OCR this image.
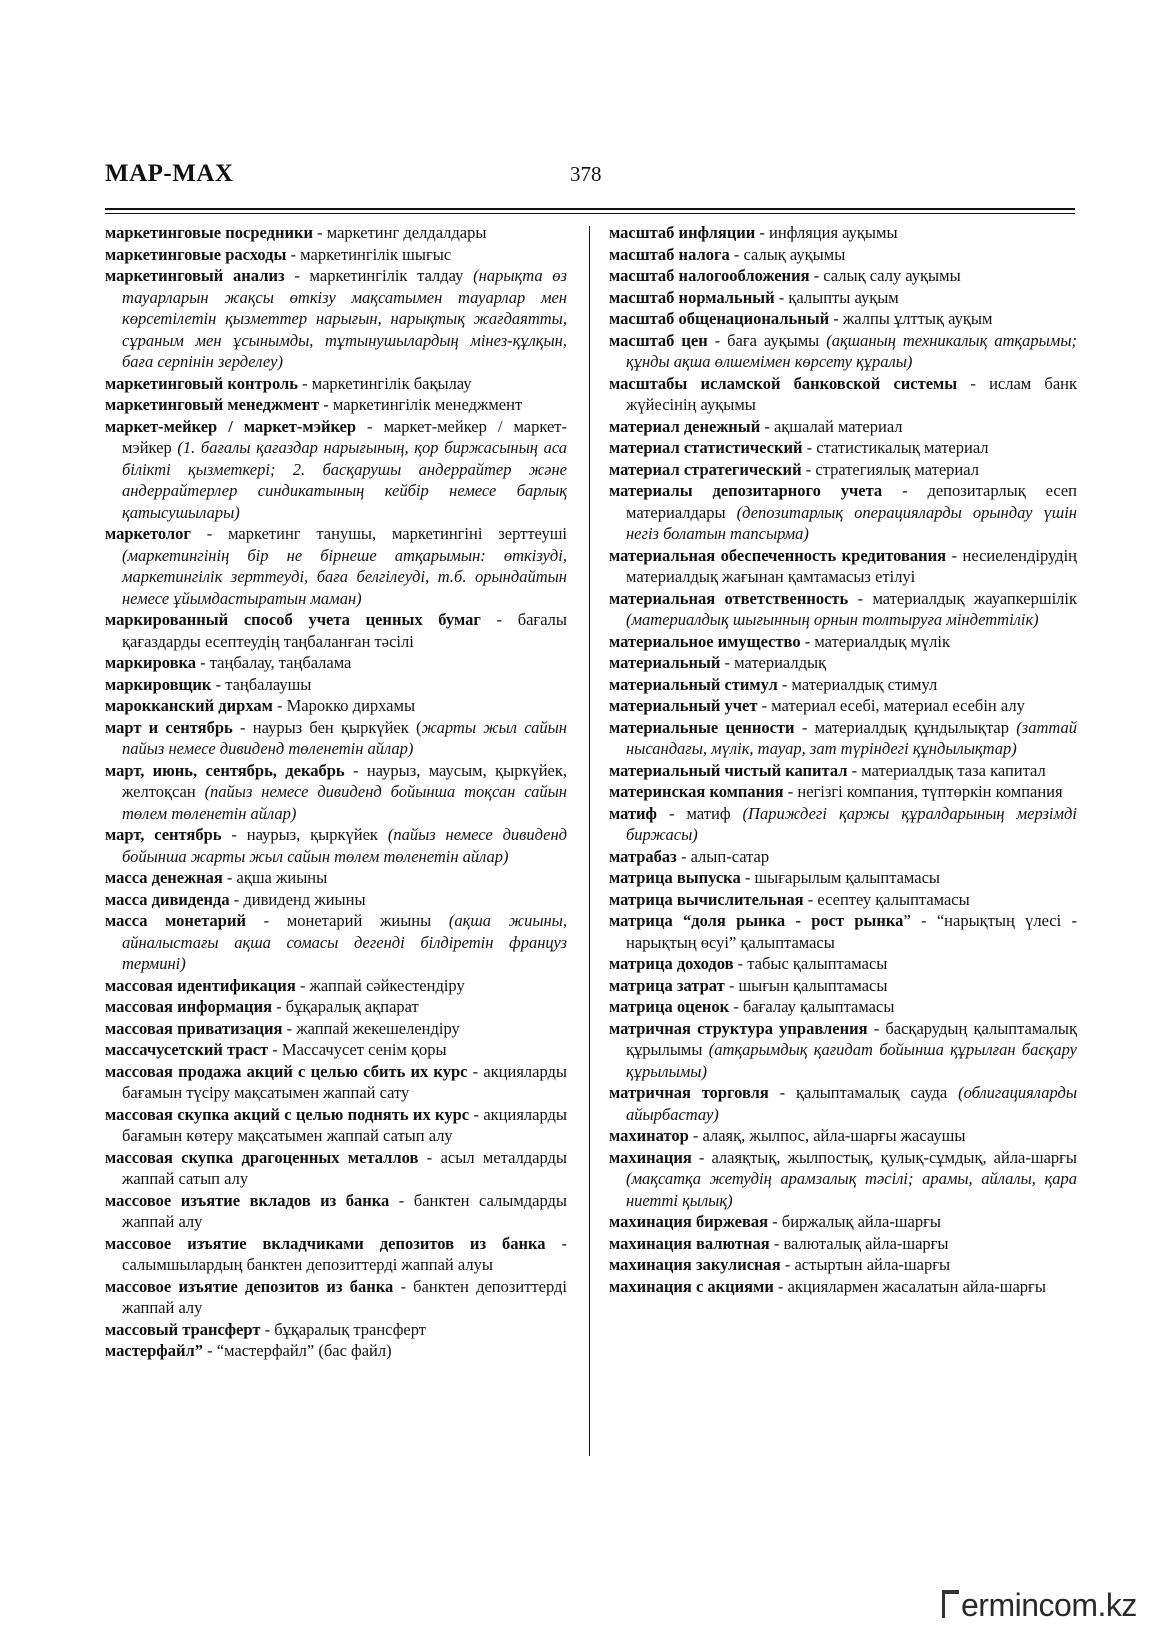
МАР-МАХ	378

маркетинговые посредники - маркетинг делдалдары

маркетинговые расходы - маркетингілік шығыс

маркетинговый анализ - маркетингілік талдау (нарықта өз тауарларын жақсы өткізу мақсатымен тауарлар мен көрсетілетін қызметтер нарығын, нарықтық жағдаятты, сұраным мен ұсынымды, тұтынушылардың мінез-құлқын, баға серпінін зерделеу)

маркетинговый контроль - маркетингілік бақылау

маркетинговый менеджмент - маркетингілік менеджмент

маркет-мейкер / маркет-мэйкер - маркет-мейкер / маркет-мэйкер (1. бағалы қағаздар нарығының, қор биржасының аса білікті қызметкері; 2. басқарушы андеррайтер және андеррайтерлер синдикатының кейбір немесе барлық қатысушылары)

маркетолог - маркетинг танушы, маркетингіні зерттеуші (маркетингінің бір не бірнеше атқарымын: өткізуді, маркетингілік зерттеуді, баға белгілеуді, т.б. орындайтын немесе ұйымдастыратын маман)

маркированный способ учета ценных бумаг - бағалы қағаздарды есептеудің таңбаланған тәсілі

маркировка - таңбалау, таңбалама

маркировщик - таңбалаушы

марокканский дирхам - Марокко дирхамы

март и сентябрь - наурыз бен қыркүйек (жарты жыл сайын пайыз немесе дивиденд төленетін айлар)

март, июнь, сентябрь, декабрь - наурыз, маусым, қыркүйек, желтоқсан (пайыз немесе дивиденд бойынша тоқсан сайын төлем төленетін айлар)

март, сентябрь - наурыз, қыркүйек (пайыз немесе дивиденд бойынша жарты жыл сайын төлем төленетін айлар)

масса денежная - ақша жиыны

масса дивиденда - дивиденд жиыны

масса монетарий - монетарий жиыны (ақша жиыны, айналыстағы ақша сомасы дегенді білдіретін француз термині)

массовая идентификация - жаппай сәйкестендіру

массовая информация - бұқаралық ақпарат

массовая приватизация - жаппай жекешелендіру

массачусетский траст - Массачусет сенім қоры

массовая продажа акций с целью сбить их курс - акцияларды бағамын түсіру мақсатымен жаппай сату

массовая скупка акций с целью поднять их курс - акцияларды бағамын көтеру мақсатымен жаппай сатып алу

массовая скупка драгоценных металлов - асыл металдарды жаппай сатып алу

массовое изъятие вкладов из банка - банктен салымдарды жаппай алу

массовое изъятие вкладчиками депозитов из банка - салымшылардың банктен депозиттерді жаппай алуы

массовое изъятие депозитов из банка - банктен депозиттерді жаппай алу

массовый трансферт - бұқаралық трансферт

мастерфайл” - “мастерфайл” (бас файл)

масштаб инфляции - инфляция ауқымы

масштаб налога - салық ауқымы

масштаб налогообложения - салық салу ауқымы

масштаб нормальный - қалыпты ауқым

масштаб общенациональный - жалпы ұлттық ауқым

масштаб цен - баға ауқымы (ақшаның техникалық атқарымы; құнды ақша өлшемімен көрсету құралы)

масштабы исламской банковской системы - ислам банк жүйесінің ауқымы

материал денежный - ақшалай материал

материал статистический - статистикалық материал

материал стратегический - стратегиялық материал

материалы депозитарного учета - депозитарлық есеп материалдары (депозитарлық операцияларды орындау үшін негіз болатын тапсырма)

материальная обеспеченность кредитования - несиелендірудің материалдық жағынан қамтамасыз етілуі

материальная ответственность - материалдық жауапкершілік (материалдық шығынның орнын толтыруға міндеттілік)

материальное имущество - материалдық мүлік

материальный - материалдық

материальный стимул - материалдық стимул

материальный учет - материал есебі, материал есебін алу

материальные ценности - материалдық құндылықтар (заттай нысандағы, мүлік, тауар, зат түріндегі құндылықтар)

материальный чистый капитал - материалдық таза капитал

материнская компания - негізгі компания, түптөркін компания

матиф - матиф (Париждегі қаржы құралдарының мерзімді биржасы)

матрабаз - алып-сатар

матрица выпуска - шығарылым қалыптамасы

матрица вычислительная - есептеу қалыптамасы

матрица “доля рынка - рост рынка” - “нарықтың үлесі - нарықтың өсуі” қалыптамасы

матрица доходов - табыс қалыптамасы

матрица затрат - шығын қалыптамасы

матрица оценок - бағалау қалыптамасы

матричная структура управления - басқарудың қалыптамалық құрылымы (атқарымдық қағидат бойынша құрылған басқару құрылымы)

матричная торговля - қалыптамалық сауда (облигацияларды айырбастау)

махинатор - алаяқ, жылпос, айла-шарғы жасаушы

махинация - алаяқтық, жылпостық, қулық-сұмдық, айла-шарғы (мақсатқа жетудің арамзалық тәсілі; арамы, айлалы, қара ниетті қылық)

махинация биржевая - биржалық айла-шарғы

махинация валютная - валюталық айла-шарғы

махинация закулисная - астыртын айла-шарғы

махинация с акциями - акциялармен жасалатын айла-шарғы

ermincom.kz
